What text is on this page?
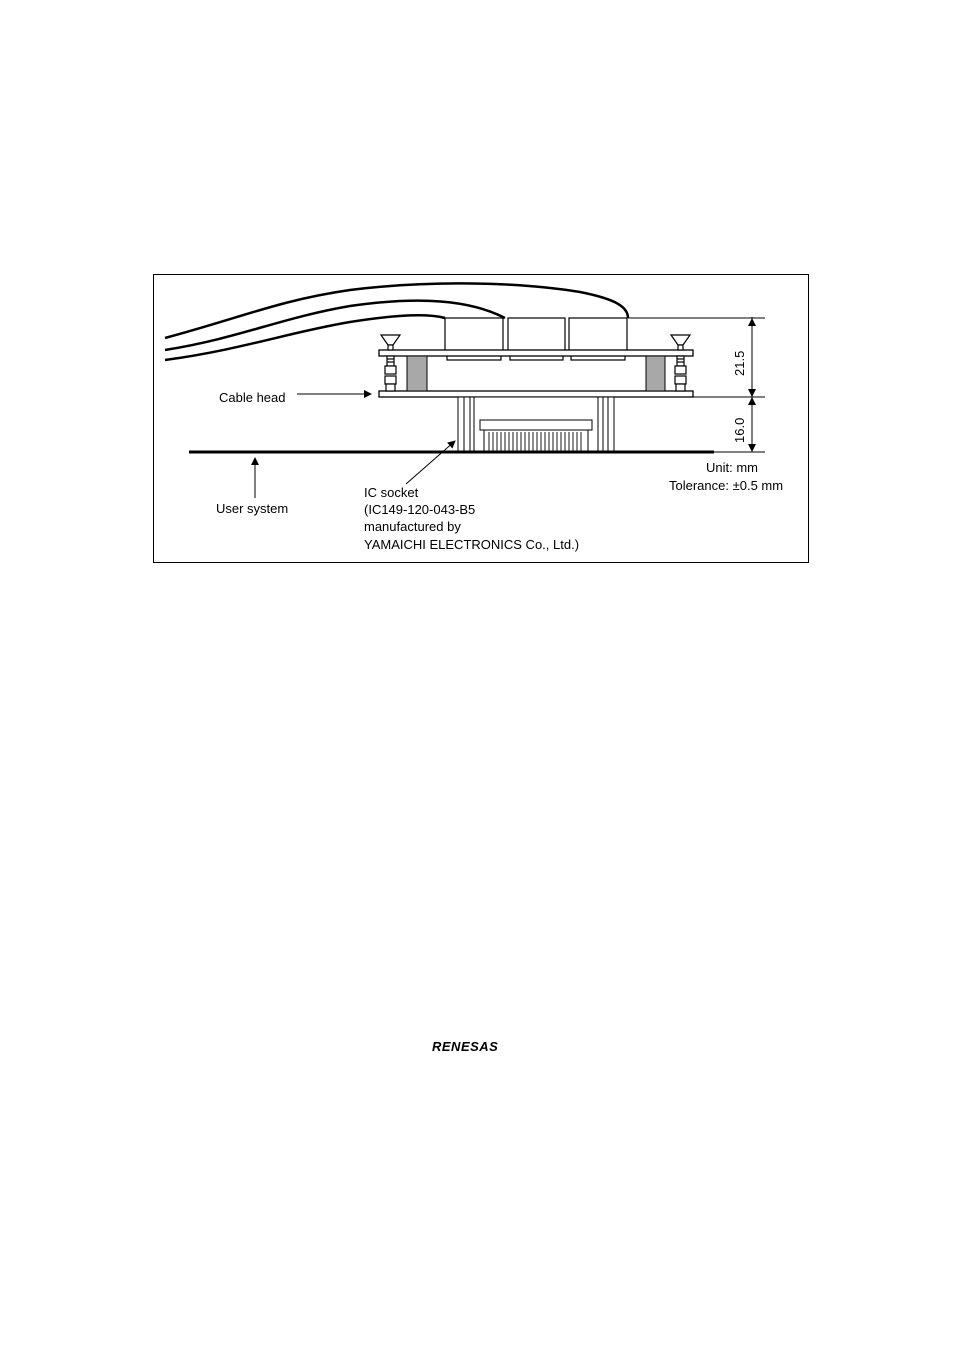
21.5
16.0
Cable head
User system
IC socket
(IC149-120-043-B5
manufactured by
YAMAICHI ELECTRONICS Co., Ltd.)
Unit: mm
Tolerance: ±0.5 mm
RENESAS
